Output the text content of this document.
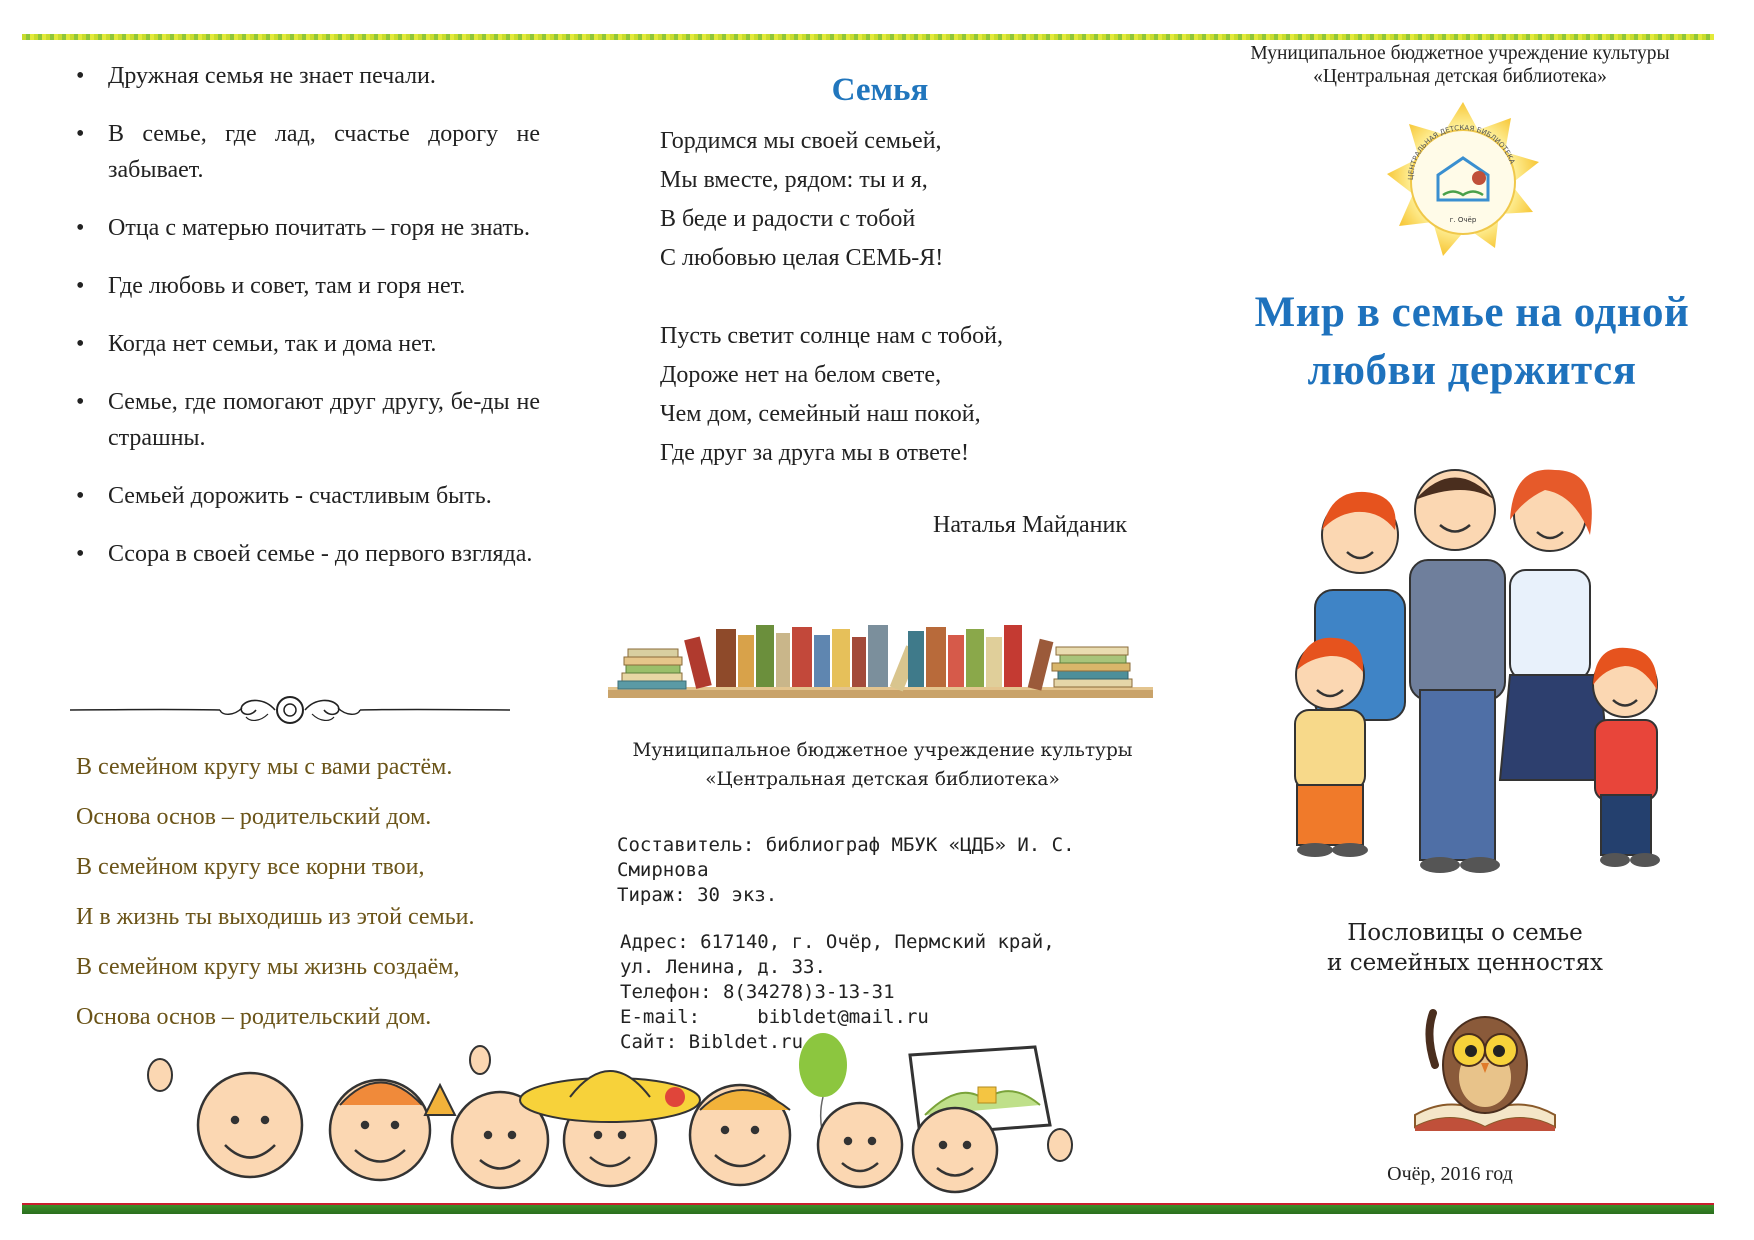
• Дружная семья не знает печали.
• В семье, где лад, счастье дорогу не забывает.
• Отца с матерью почитать – горя не знать.
• Где любовь и совет, там и горя нет.
• Когда нет семьи, так и дома нет.
• Семье, где помогают друг другу, бе-ды не страшны.
• Семьей дорожить - счастливым быть.
• Ссора в своей семье - до первого взгляда.
В семейном кругу мы с вами растём.
Основа основ – родительский дом.
В семейном кругу все корни твои,
И в жизнь ты выходишь из этой семьи.
В семейном кругу мы жизнь создаём,
Основа основ – родительский дом.
Семья
Гордимся мы своей семьей,
Мы вместе, рядом: ты и я,
В беде и радости с тобой
С любовью целая СЕМЬ-Я!
Пусть светит солнце нам с тобой,
Дороже нет на белом свете,
Чем дом, семейный наш покой,
Где друг за друга мы в ответе!
Наталья Майданик
Муниципальное бюджетное учреждение культуры
«Центральная детская библиотека»
Составитель: библиограф МБУК «ЦДБ» И. С. Смирнова
Тираж: 30 экз.
Адрес: 617140, г. Очёр, Пермский край,
ул. Ленина, д. 33.
Телефон: 8(34278)3-13-31
E-mail:	bibldet@mail.ru
Сайт: Bibldet.ru
Муниципальное бюджетное учреждение культуры
«Центральная детская библиотека»
ЦЕНТРАЛЬНАЯ ДЕТСКАЯ БИБЛИОТЕКА
г. Очёр
Мир в семье на одной
любви держится
Пословицы о семье
и семейных ценностях
Очёр, 2016 год
